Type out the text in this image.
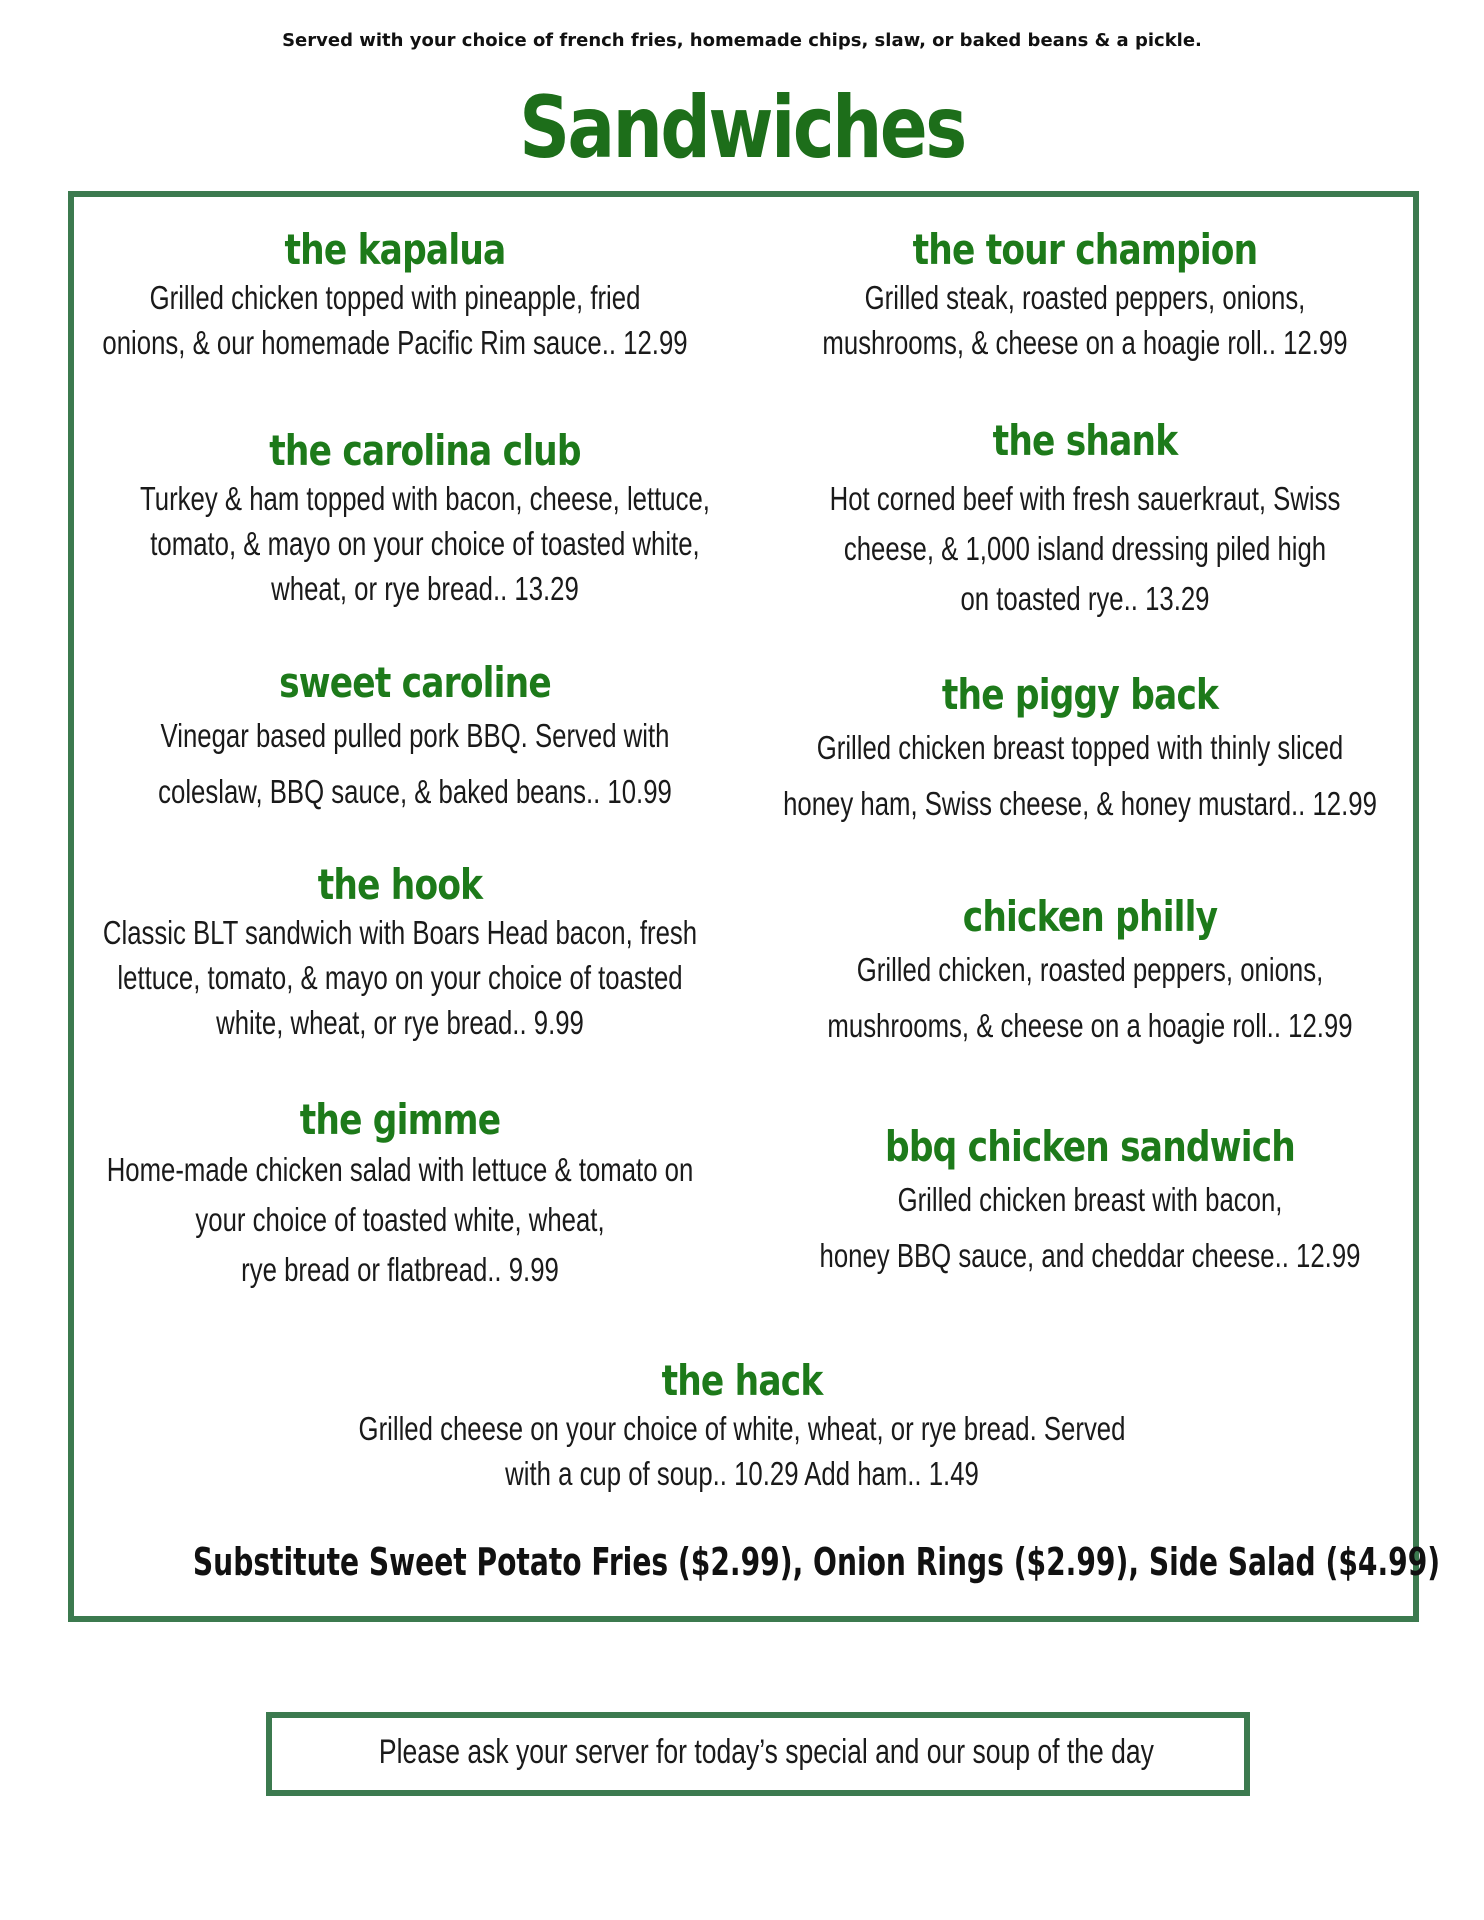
Served with your choice of french fries, homemade chips, slaw, or baked beans & a pickle.
Sandwiches
the kapalua
Grilled chicken topped with pineapple, fried
onions, & our homemade Pacific Rim sauce.. 12.99
the carolina club
Turkey & ham topped with bacon, cheese, lettuce,
tomato, & mayo on your choice of toasted white,
wheat, or rye bread.. 13.29
sweet caroline
Vinegar based pulled pork BBQ. Served with
coleslaw, BBQ sauce, & baked beans.. 10.99
the hook
Classic BLT sandwich with Boars Head bacon, fresh
lettuce, tomato, & mayo on your choice of toasted
white, wheat, or rye bread.. 9.99
the gimme
Home-made chicken salad with lettuce & tomato on
your choice of toasted white, wheat,
rye bread or flatbread.. 9.99
the tour champion
Grilled steak, roasted peppers, onions,
mushrooms, & cheese on a hoagie roll.. 12.99
the shank
Hot corned beef with fresh sauerkraut, Swiss
cheese, & 1,000 island dressing piled high
on toasted rye.. 13.29
the piggy back
Grilled chicken breast topped with thinly sliced
honey ham, Swiss cheese, & honey mustard.. 12.99
chicken philly
Grilled chicken, roasted peppers, onions,
mushrooms, & cheese on a hoagie roll.. 12.99
bbq chicken sandwich
Grilled chicken breast with bacon,
honey BBQ sauce, and cheddar cheese.. 12.99
the hack
Grilled cheese on your choice of white, wheat, or rye bread. Served
with a cup of soup.. 10.29 Add ham.. 1.49
Substitute Sweet Potato Fries ($2.99), Onion Rings ($2.99), Side Salad ($4.99)
Please ask your server for today’s special and our soup of the day
